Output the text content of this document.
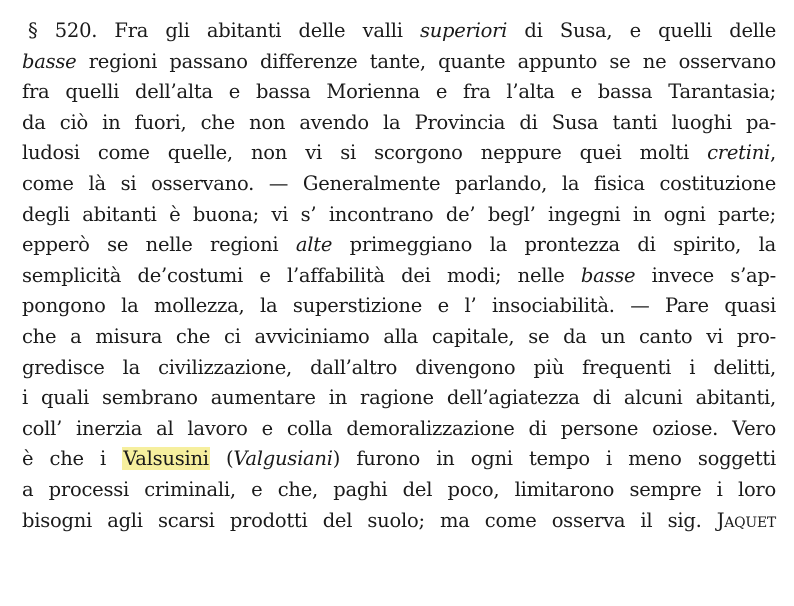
§ 520. Fra gli abitanti delle valli superiori di Susa, e quelli delle
basse regioni passano differenze tante, quante appunto se ne osservano
fra quelli dell’alta e bassa Morienna e fra l’alta e bassa Tarantasia;
da ciò in fuori, che non avendo la Provincia di Susa tanti luoghi pa-
ludosi come quelle, non vi si scorgono neppure quei molti cretini,
come là si osservano. — Generalmente parlando, la fisica costituzione
degli abitanti è buona; vi s’ incontrano de’ begl’ ingegni in ogni parte;
epperò se nelle regioni alte primeggiano la prontezza di spirito, la
semplicità de’costumi e l’affabilità dei modi; nelle basse invece s’ap-
pongono la mollezza, la superstizione e l’ insociabilità. — Pare quasi
che a misura che ci avviciniamo alla capitale, se da un canto vi pro-
gredisce la civilizzazione, dall’altro divengono più frequenti i delitti,
i quali sembrano aumentare in ragione dell’agiatezza di alcuni abitanti,
coll’ inerzia al lavoro e colla demoralizzazione di persone oziose. Vero
è che i Valsusini (Valgusiani) furono in ogni tempo i meno soggetti
a processi criminali, e che, paghi del poco, limitarono sempre i loro
bisogni agli scarsi prodotti del suolo; ma come osserva il sig. Jaquet
